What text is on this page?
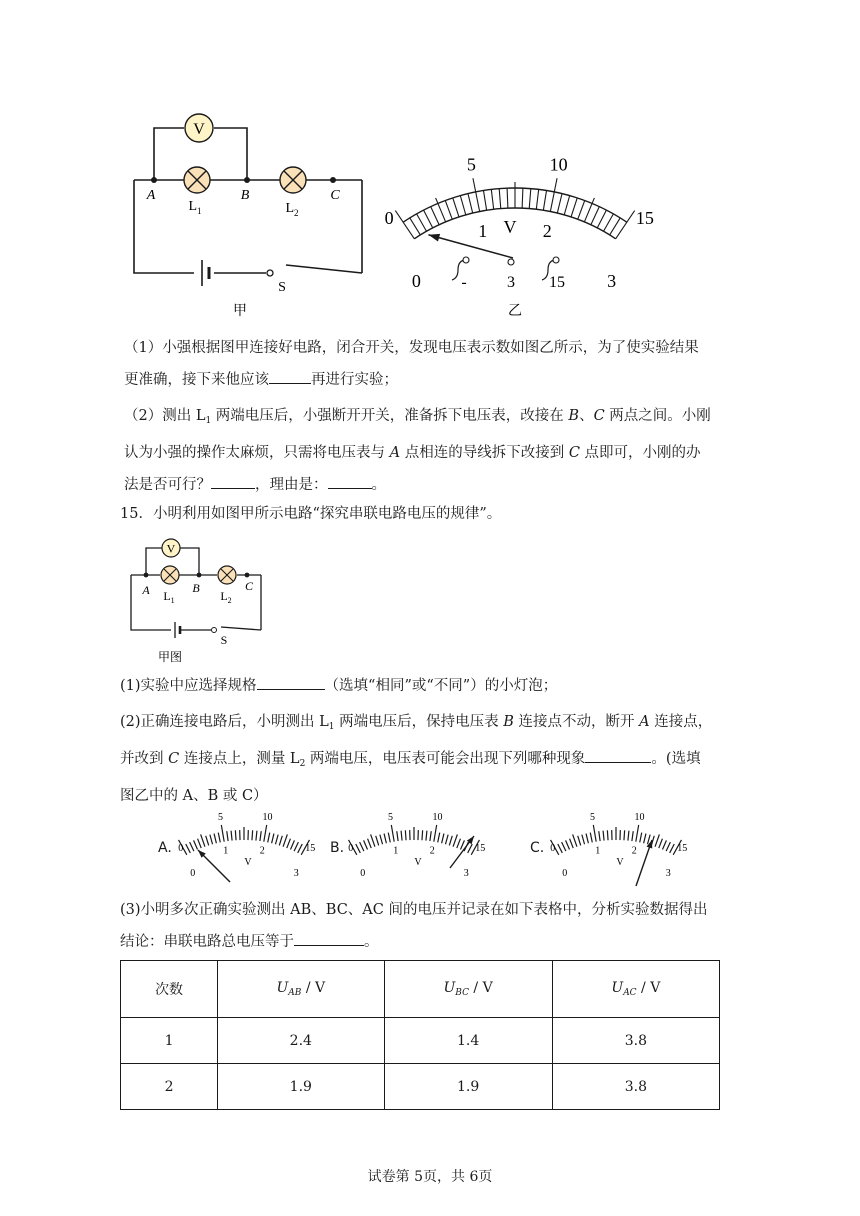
V
A	B	C
$L_1$	$L_2$
S
甲
0
5	10
15
0
1	2
3
V
-	3 15
乙
（1）小强根据图甲连接好电路，闭合开关，发现电压表示数如图乙所示，为了使实验结果
更准确，接下来他应该	再进行实验；
（2）测出 $L_1$ 两端电压后，小强断开开关，准备拆下电压表，改接在 B、C 两点之间。小刚
认为小强的操作太麻烦，只需将电压表与 A 点相连的导线拆下改接到 C 点即可，小刚的办
法是否可行？	，理由是：	。
15．小明利用如图甲所示电路“探究串联电路电压的规律”。
V
A	B	C
$L_1$	$L_2$
S
甲图
(1)实验中应选择规格	（选填“相同”或“不同”）的小灯泡；
(2)正确连接电路后，小明测出 $L_1$ 两端电压后，保持电压表 B 连接点不动，断开 A 连接点，
并改到 C 连接点上，测量 $L_2$ 两端电压，电压表可能会出现下列哪种现象	。(选填
图乙中的 A、B 或 C）
A. 0
5	10
15
0
1	2
3
V
B. 0
5	10
15
0
1	2
3
V
C. 0
5	10
15
0
1	2
3
V
(3)小明多次正确实验测出 AB、BC、AC 间的电压并记录在如下表格中，分析实验数据得出
结论：串联电路总电压等于	。
次数	$U_{AB}$ / V	$U_{BC}$ / V	$U_{AC}$ / V
1	2.4	1.4	3.8
2	1.9	1.9	3.8
试卷第 5页，共 6页
